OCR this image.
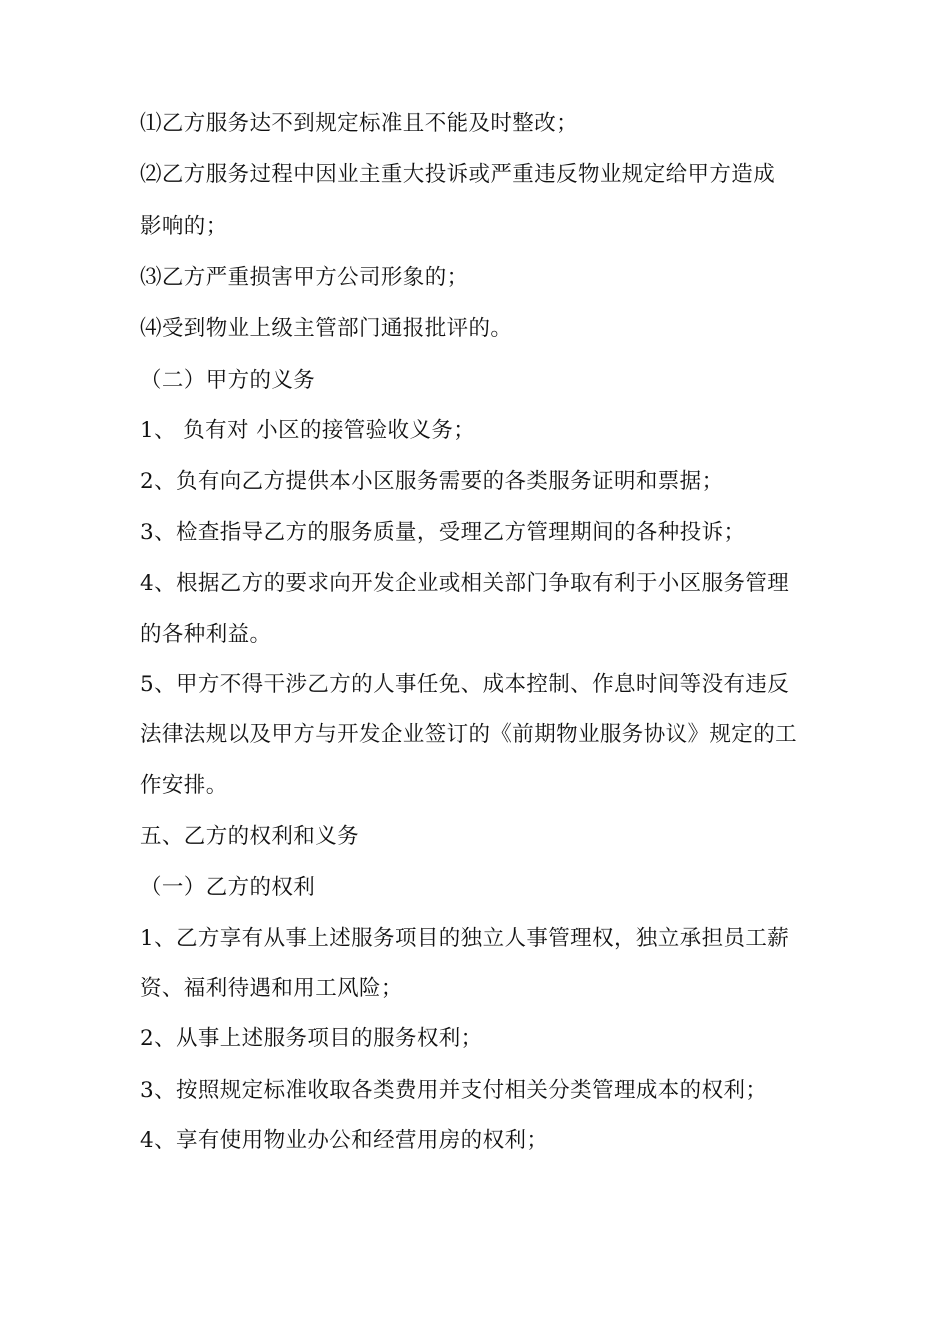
⑴乙方服务达不到规定标准且不能及时整改；
⑵乙方服务过程中因业主重大投诉或严重违反物业规定给甲方造成
影响的；
⑶乙方严重损害甲方公司形象的；
⑷受到物业上级主管部门通报批评的。
（二）甲方的义务
1、 负有对 小区的接管验收义务；
2、负有向乙方提供本小区服务需要的各类服务证明和票据；
3、检查指导乙方的服务质量，受理乙方管理期间的各种投诉；
4、根据乙方的要求向开发企业或相关部门争取有利于小区服务管理
的各种利益。
5、甲方不得干涉乙方的人事任免、成本控制、作息时间等没有违反
法律法规以及甲方与开发企业签订的《前期物业服务协议》规定的工
作安排。
五、乙方的权利和义务
（一）乙方的权利
1、乙方享有从事上述服务项目的独立人事管理权，独立承担员工薪
资、福利待遇和用工风险；
2、从事上述服务项目的服务权利；
3、按照规定标准收取各类费用并支付相关分类管理成本的权利；
4、享有使用物业办公和经营用房的权利；
